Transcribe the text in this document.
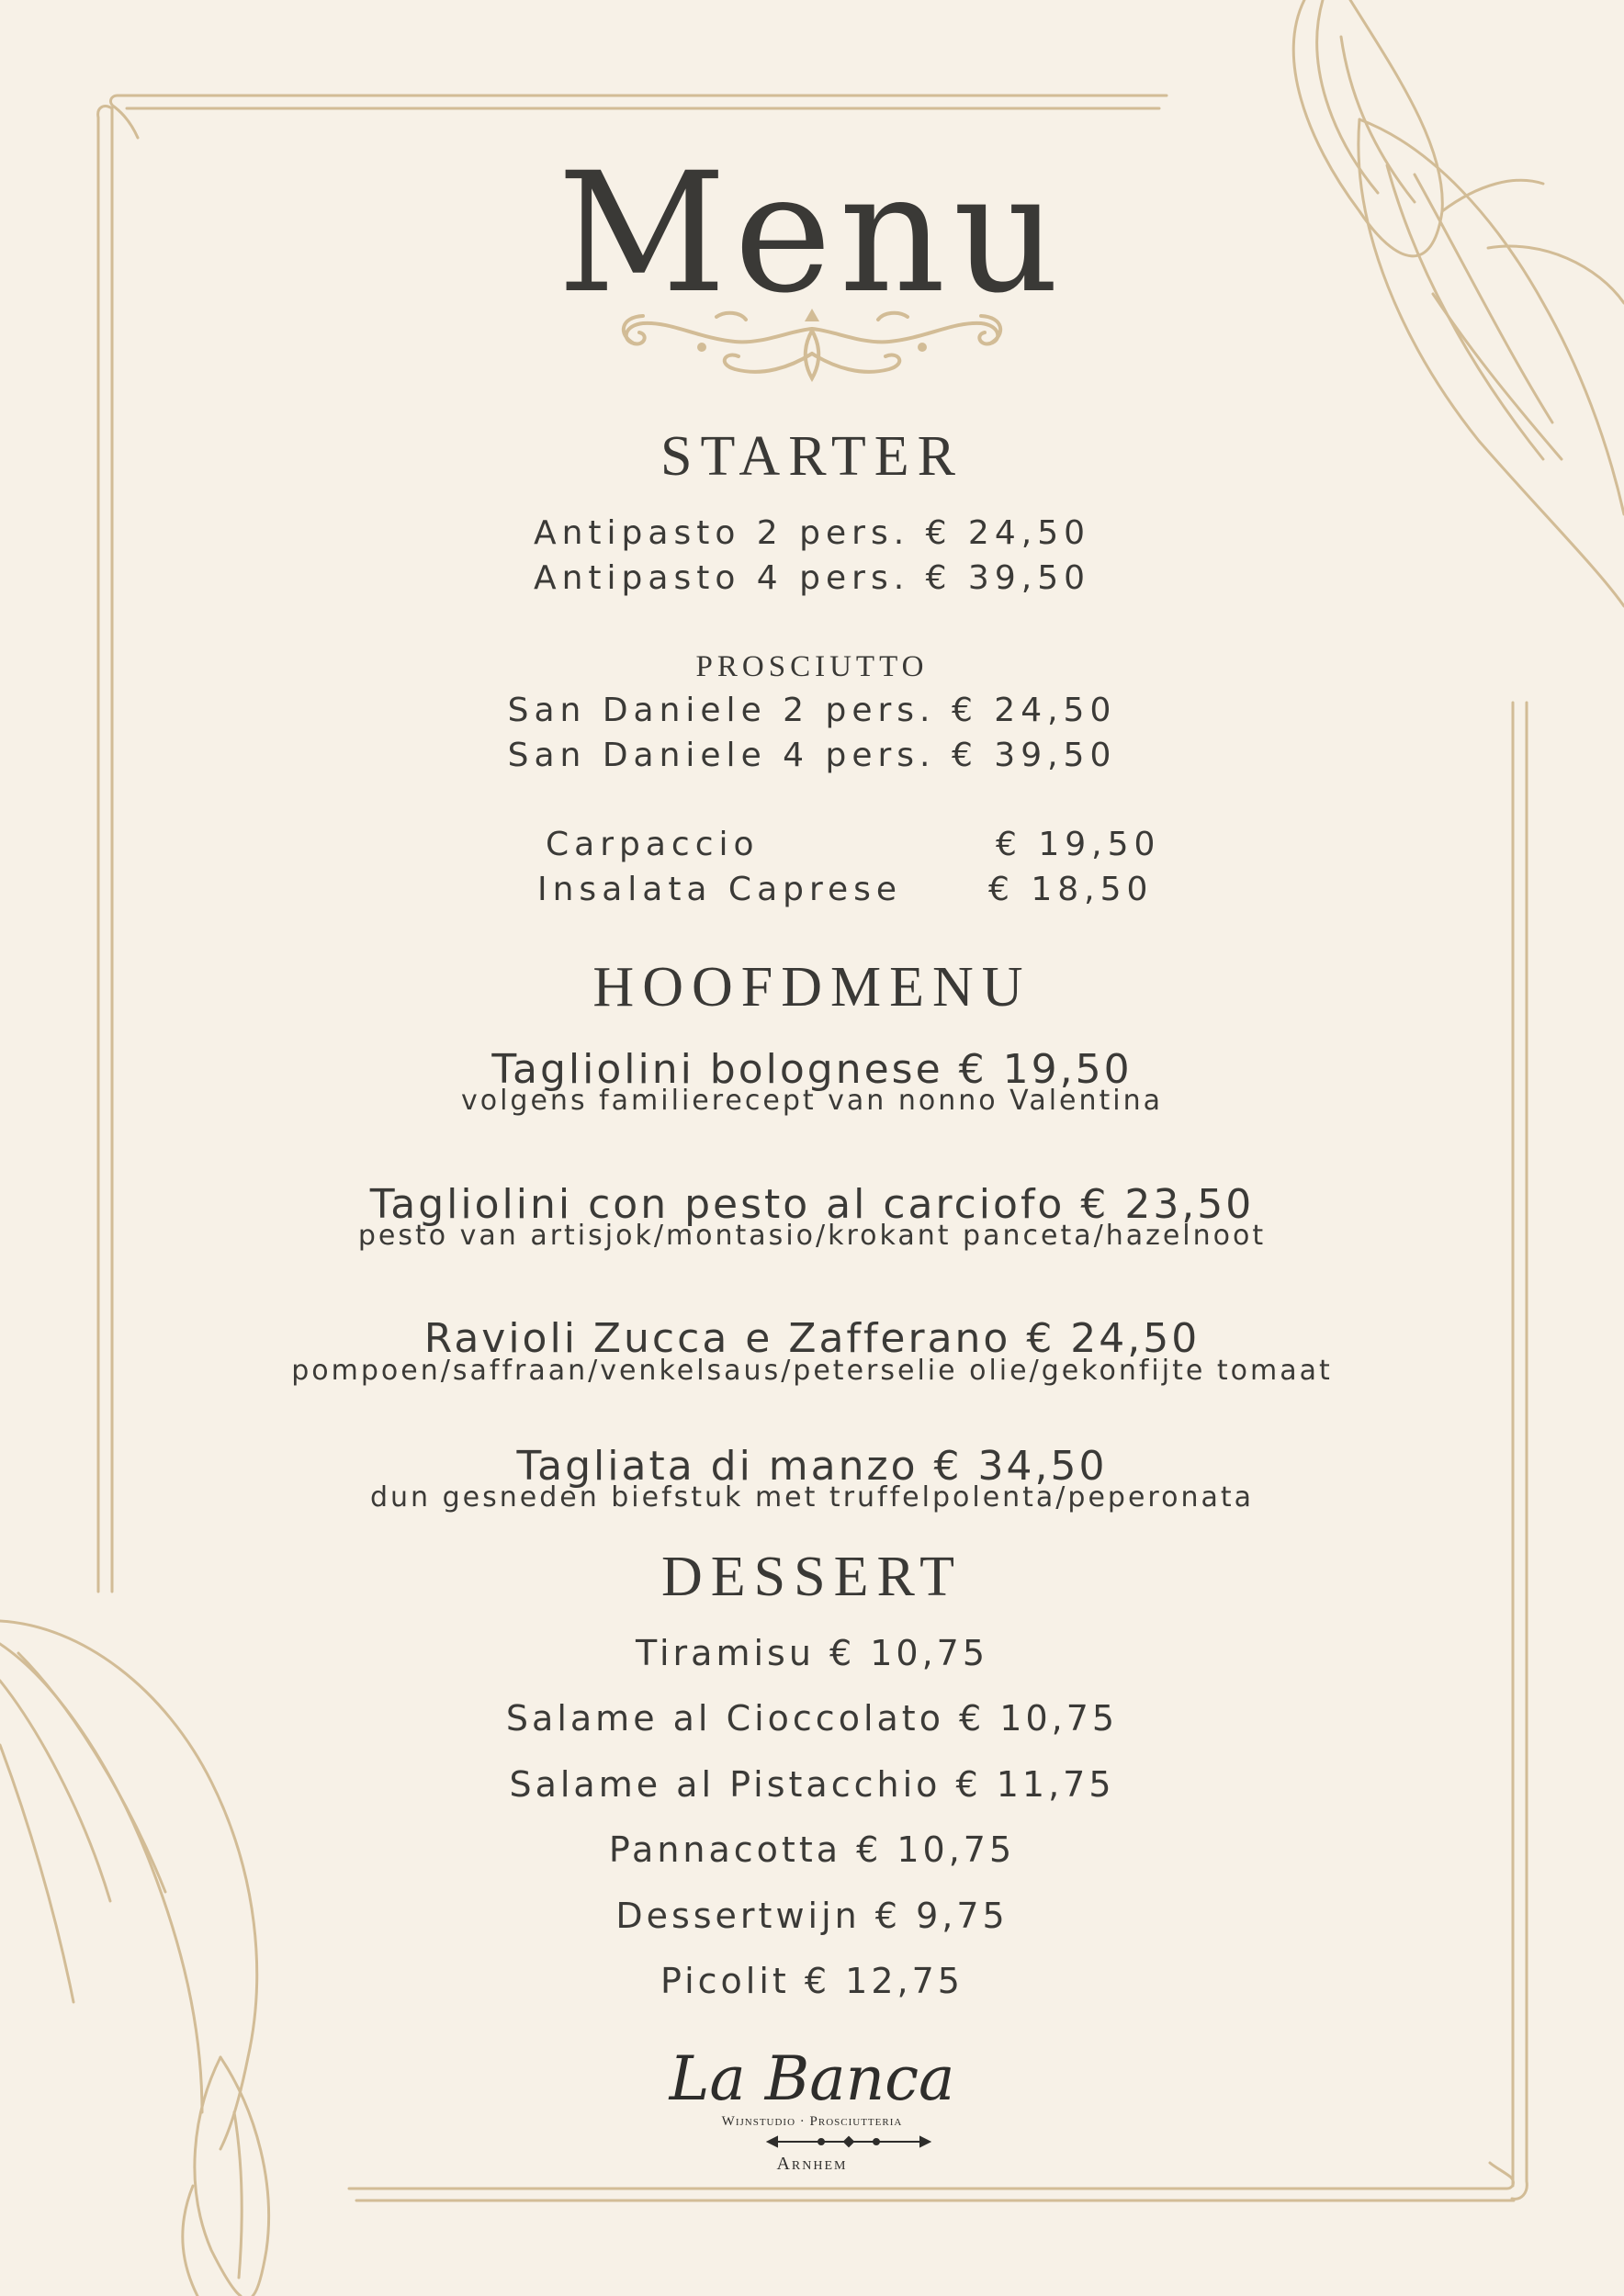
Menu
STARTER
Antipasto 2 pers. € 24,50
Antipasto 4 pers. € 39,50
PROSCIUTTO
San Daniele 2 pers. € 24,50
San Daniele 4 pers. € 39,50
Carpaccio	€ 19,50
Insalata Caprese	€ 18,50
HOOFDMENU
Tagliolini bolognese € 19,50
volgens familierecept van nonno Valentina
Tagliolini con pesto al carciofo € 23,50
pesto van artisjok/montasio/krokant panceta/hazelnoot
Ravioli Zucca e Zafferano € 24,50
pompoen/saffraan/venkelsaus/peterselie olie/gekonfijte tomaat
Tagliata di manzo € 34,50
dun gesneden biefstuk met truffelpolenta/peperonata
DESSERT
Tiramisu € 10,75
Salame al Cioccolato € 10,75
Salame al Pistacchio € 11,75
Pannacotta € 10,75
Dessertwijn € 9,75
Picolit € 12,75
La Banca
Wijnstudio · Prosciutteria
Arnhem
